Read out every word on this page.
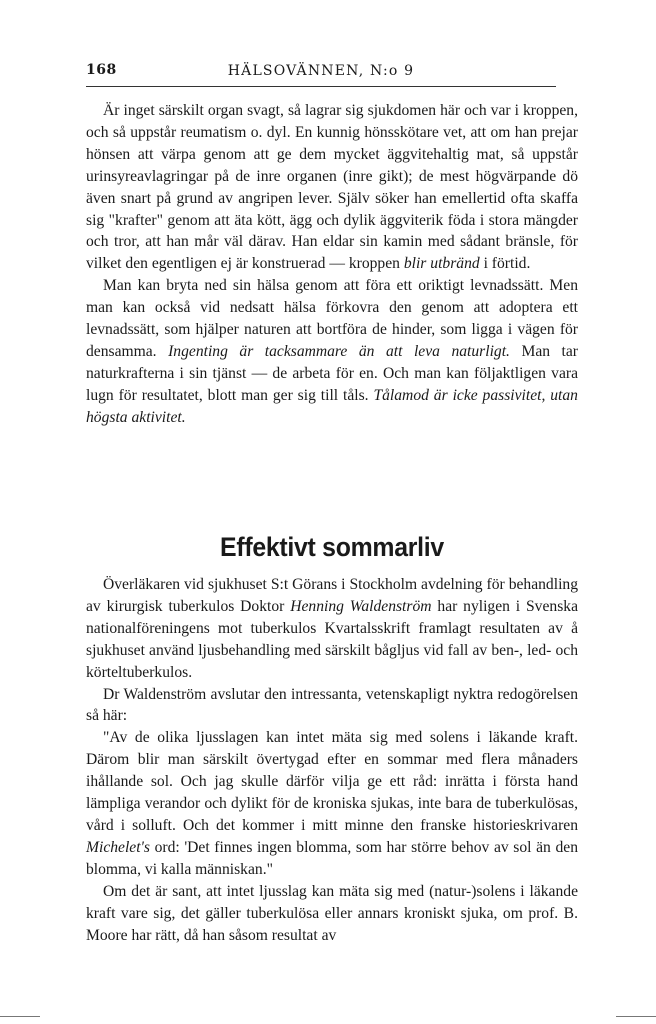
168	HÄLSOVÄNNEN, N:o 9

Är inget särskilt organ svagt, så lagrar sig sjukdomen här och var i kroppen, och så uppstår reumatism o. dyl. En kunnig hönsskötare vet, att om han prejar hönsen att värpa genom att ge dem mycket äggvitehaltig mat, så uppstår urinsyreavlagringar på de inre organen (inre gikt); de mest högvärpande dö även snart på grund av angripen lever. Själv söker han emellertid ofta skaffa sig "krafter" genom att äta kött, ägg och dylik äggviterik föda i stora mängder och tror, att han mår väl därav. Han eldar sin kamin med sådant bränsle, för vilket den egentligen ej är konstruerad — kroppen blir utbränd i förtid.

Man kan bryta ned sin hälsa genom att föra ett oriktigt levnadssätt. Men man kan också vid nedsatt hälsa förkovra den genom att adoptera ett levnadssätt, som hjälper naturen att bortföra de hinder, som ligga i vägen för densamma. Ingenting är tacksammare än att leva naturligt. Man tar naturkrafterna i sin tjänst — de arbeta för en. Och man kan följaktligen vara lugn för resultatet, blott man ger sig till tåls. Tålamod är icke passivitet, utan högsta aktivitet.

Effektivt sommarliv

Överläkaren vid sjukhuset S:t Görans i Stockholm avdelning för behandling av kirurgisk tuberkulos Doktor Henning Waldenström har nyligen i Svenska nationalföreningens mot tuberkulos Kvartalsskrift framlagt resultaten av å sjukhuset använd ljusbehandling med särskilt bågljus vid fall av ben-, led- och körteltuberkulos.

Dr Waldenström avslutar den intressanta, vetenskapligt nyktra redogörelsen så här:

"Av de olika ljusslagen kan intet mäta sig med solens i läkande kraft. Därom blir man särskilt övertygad efter en sommar med flera månaders ihållande sol. Och jag skulle därför vilja ge ett råd: inrätta i första hand lämpliga verandor och dylikt för de kroniska sjukas, inte bara de tuberkulösas, vård i solluft. Och det kommer i mitt minne den franske historieskrivaren Michelet's ord: 'Det finnes ingen blomma, som har större behov av sol än den blomma, vi kalla människan."

Om det är sant, att intet ljusslag kan mäta sig med (natur-)solens i läkande kraft vare sig, det gäller tuberkulösa eller annars kroniskt sjuka, om prof. B. Moore har rätt, då han såsom resultat av
